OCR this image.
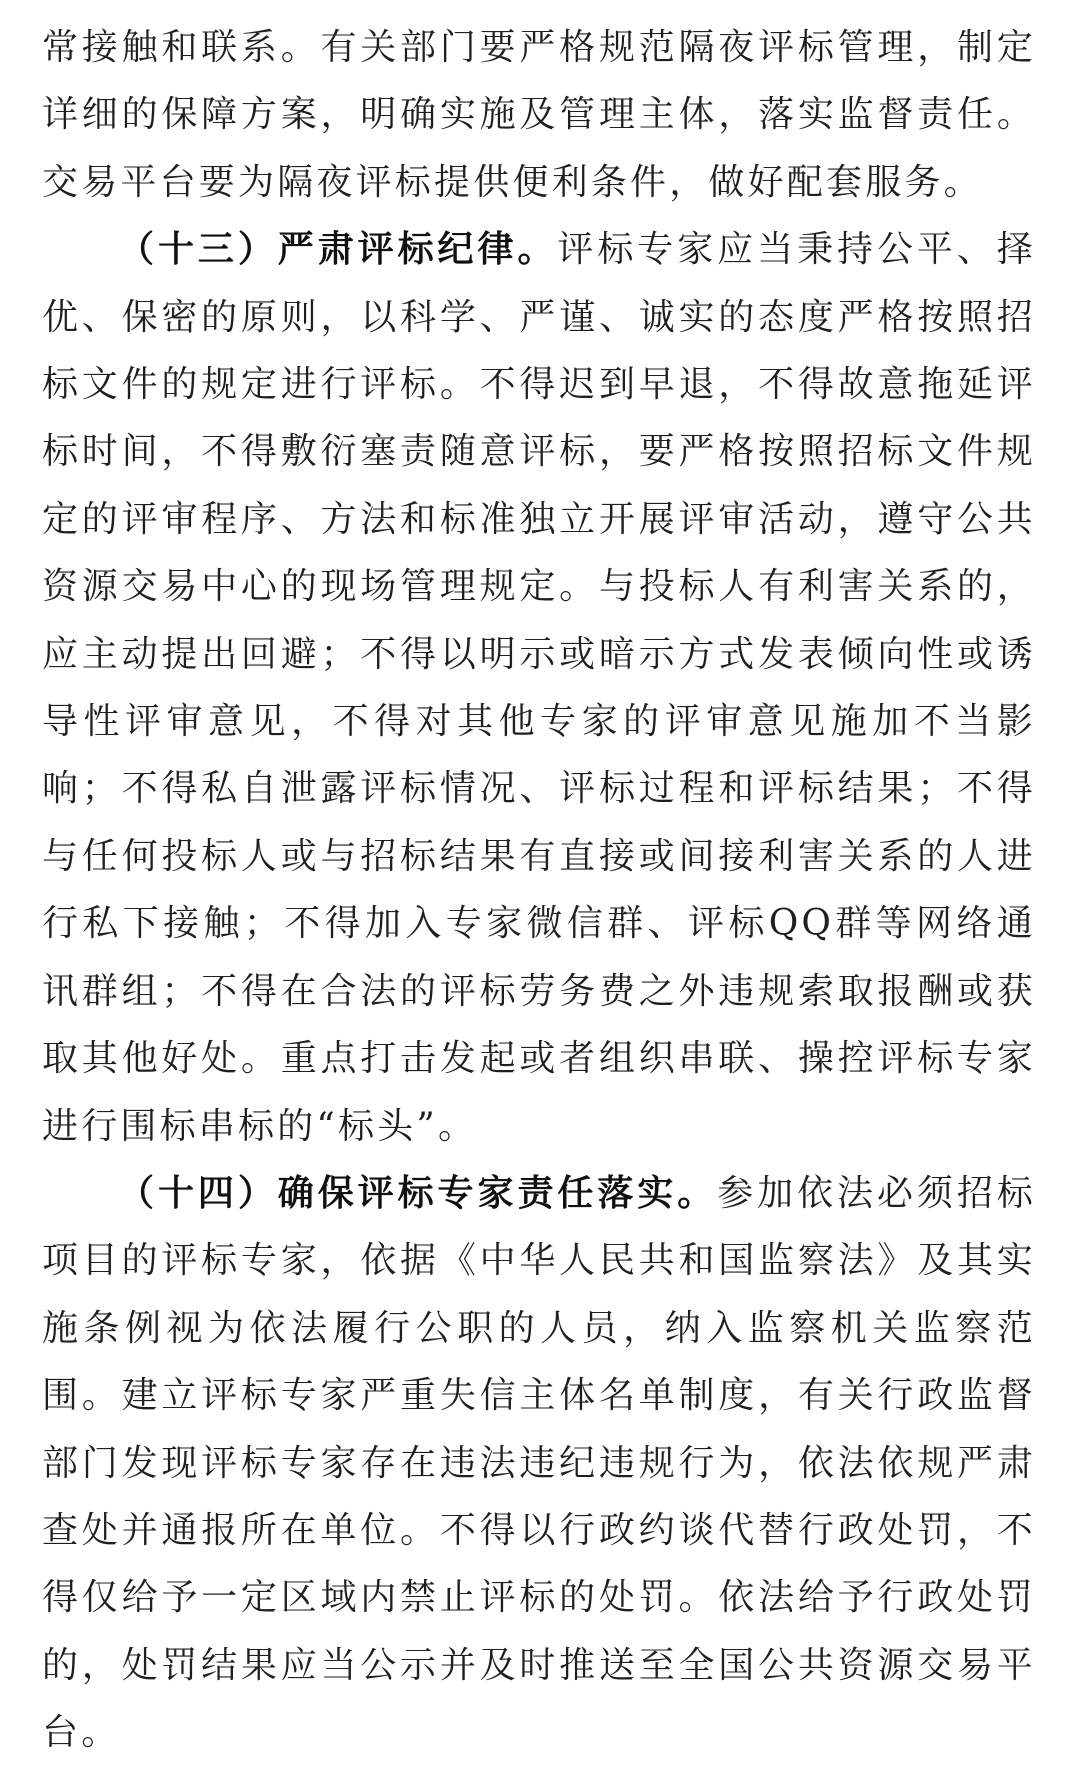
常接触和联系。有关部门要严格规范隔夜评标管理，制定详细的保障方案，明确实施及管理主体，落实监督责任。交易平台要为隔夜评标提供便利条件，做好配套服务。

（十三）严肃评标纪律。评标专家应当秉持公平、择优、保密的原则，以科学、严谨、诚实的态度严格按照招标文件的规定进行评标。不得迟到早退，不得故意拖延评标时间，不得敷衍塞责随意评标，要严格按照招标文件规定的评审程序、方法和标准独立开展评审活动，遵守公共资源交易中心的现场管理规定。与投标人有利害关系的，应主动提出回避；不得以明示或暗示方式发表倾向性或诱导性评审意见，不得对其他专家的评审意见施加不当影响；不得私自泄露评标情况、评标过程和评标结果；不得与任何投标人或与招标结果有直接或间接利害关系的人进行私下接触；不得加入专家微信群、评标QQ群等网络通讯群组；不得在合法的评标劳务费之外违规索取报酬或获取其他好处。重点打击发起或者组织串联、操控评标专家进行围标串标的“标头”。

（十四）确保评标专家责任落实。参加依法必须招标项目的评标专家，依据《中华人民共和国监察法》及其实施条例视为依法履行公职的人员，纳入监察机关监察范围。建立评标专家严重失信主体名单制度，有关行政监督部门发现评标专家存在违法违纪违规行为，依法依规严肃查处并通报所在单位。不得以行政约谈代替行政处罚，不得仅给予一定区域内禁止评标的处罚。依法给予行政处罚的，处罚结果应当公示并及时推送至全国公共资源交易平台。
